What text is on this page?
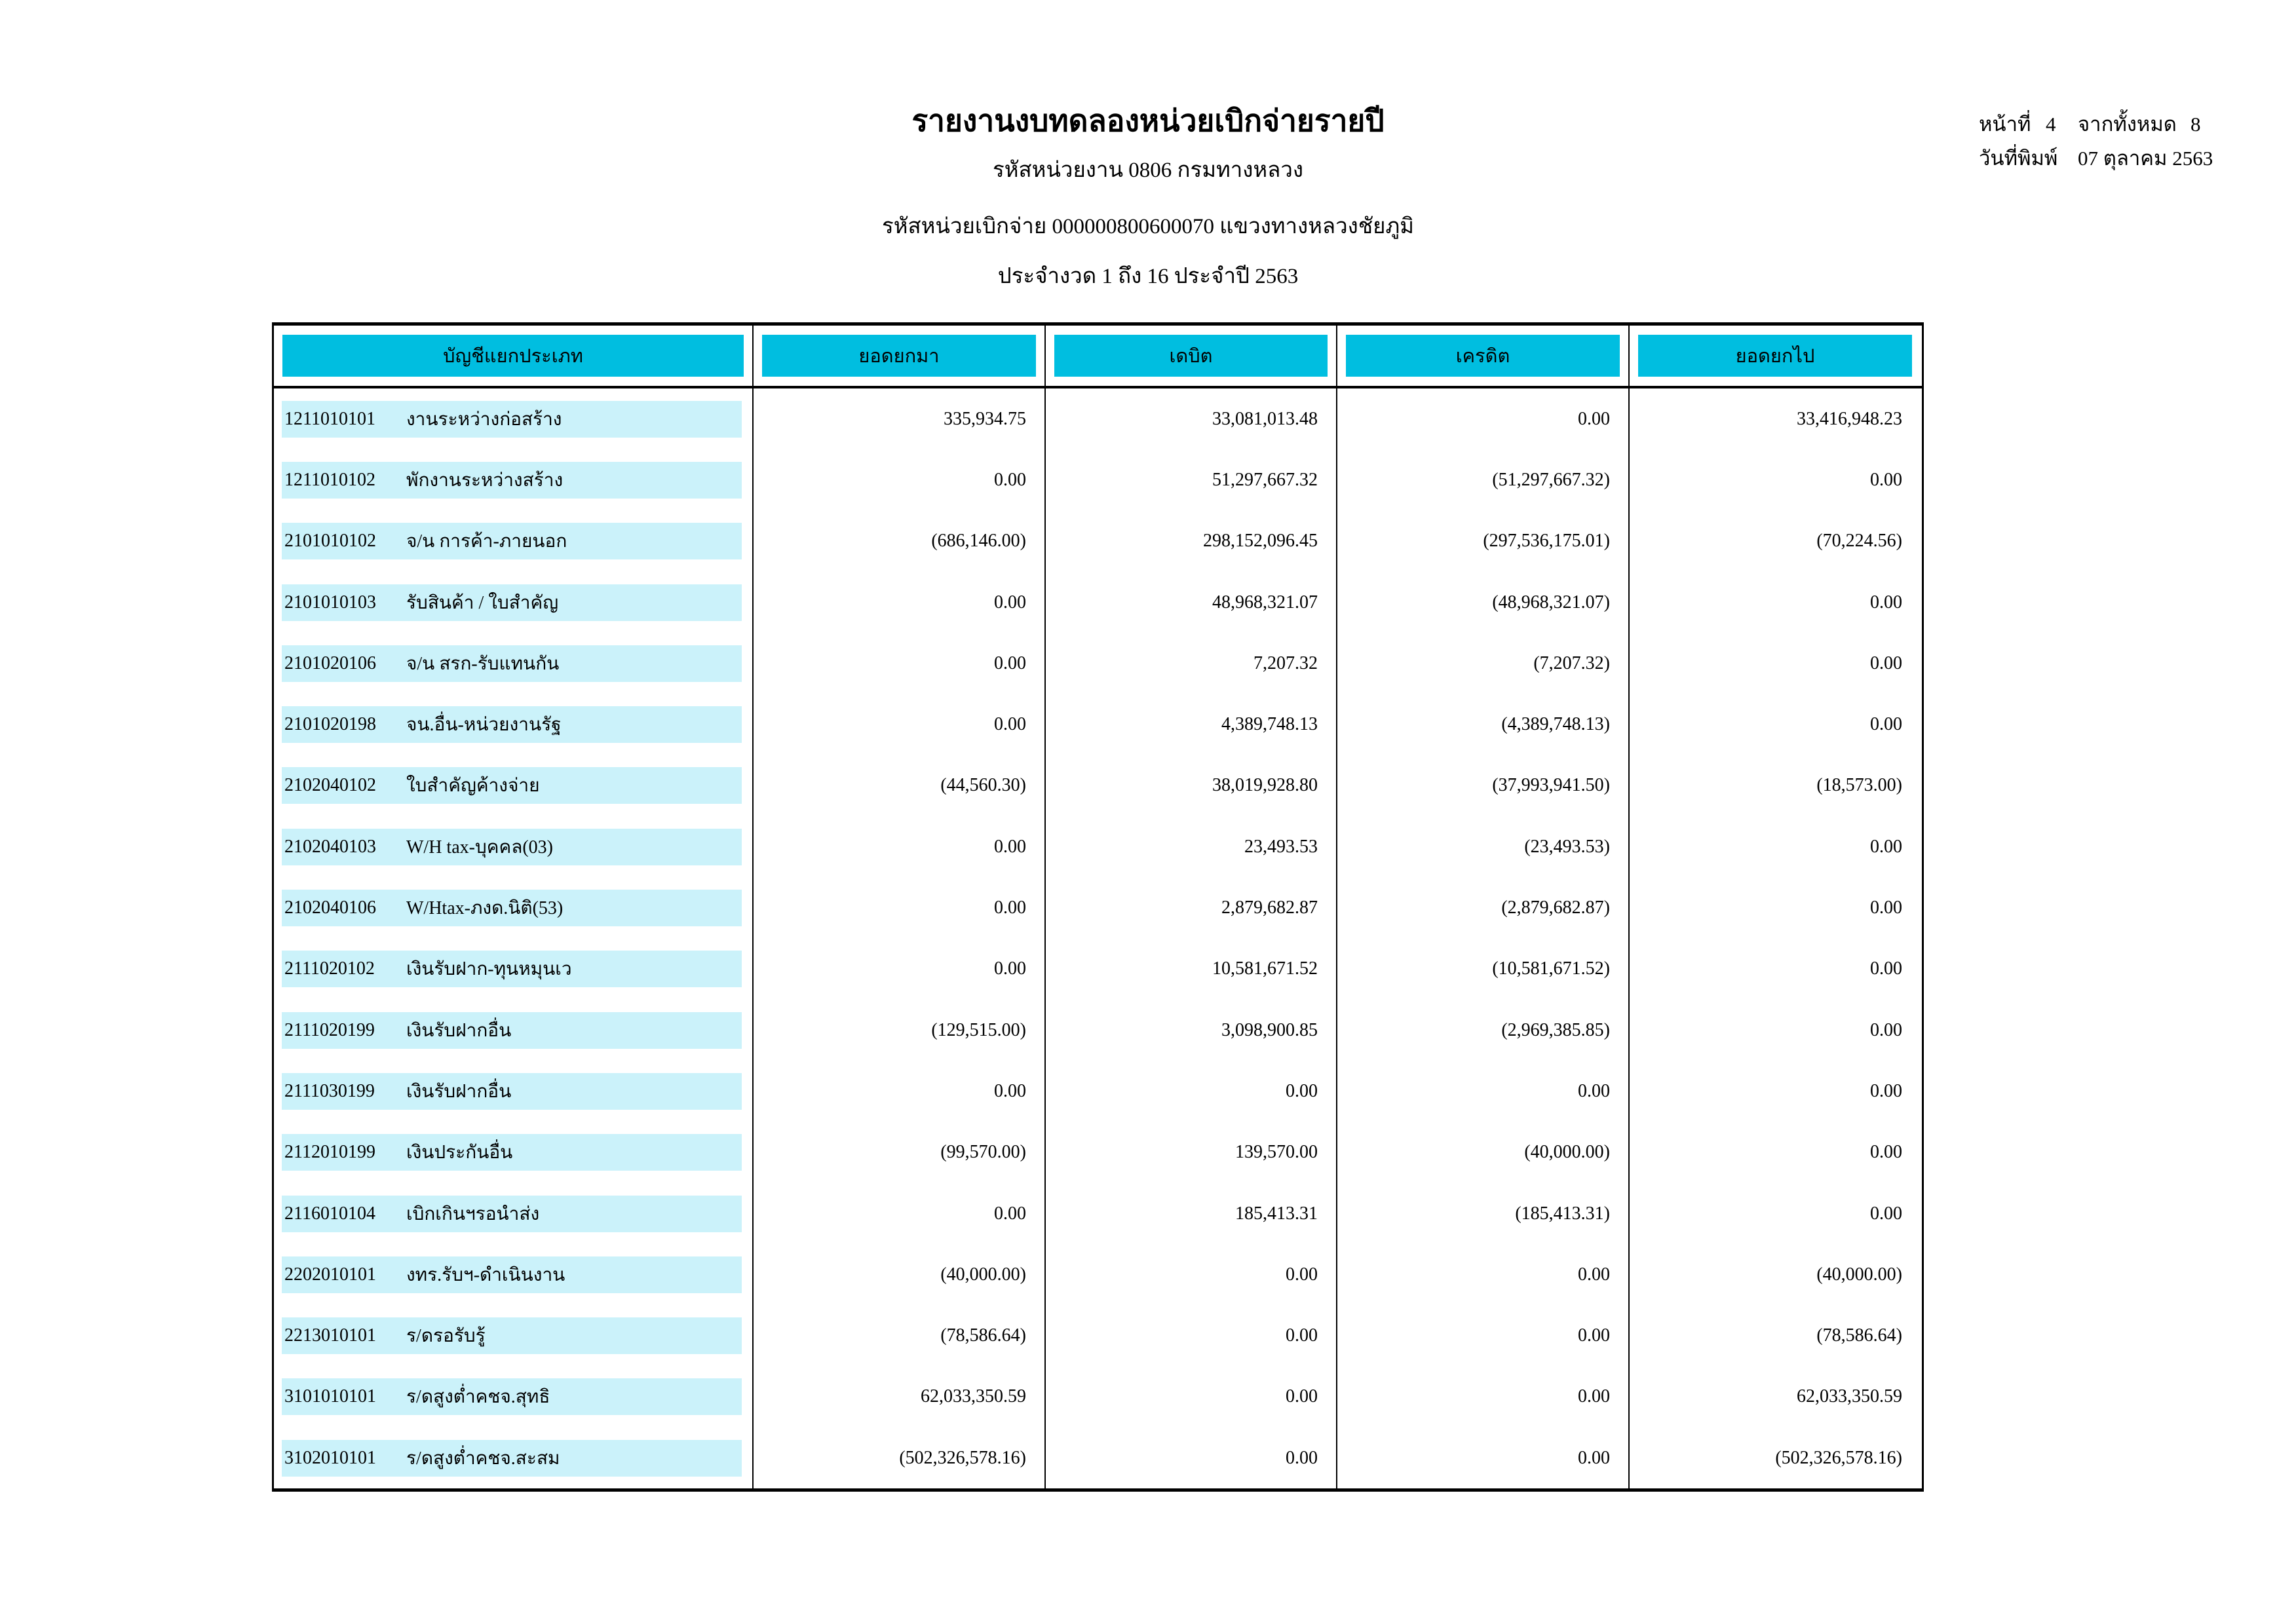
รายงานงบทดลองหน่วยเบิกจ่ายรายปี
รหัสหน่วยงาน 0806 กรมทางหลวง
รหัสหน่วยเบิกจ่าย 000000800600070 แขวงทางหลวงชัยภูมิ
ประจำงวด 1 ถึง 16 ประจำปี 2563
หน้าที่ 4 จากทั้งหมด 8
วันที่พิมพ์ 07 ตุลาคม 2563
บัญชีแยกประเภท	ยอดยกมา	เดบิต	เครดิต	ยอดยกไป
1211010101	งานระหว่างก่อสร้าง	335,934.75	33,081,013.48	0.00	33,416,948.23
1211010102	พักงานระหว่างสร้าง	0.00	51,297,667.32	(51,297,667.32)	0.00
2101010102	จ/น การค้า-ภายนอก	(686,146.00)	298,152,096.45	(297,536,175.01)	(70,224.56)
2101010103	รับสินค้า / ใบสำคัญ	0.00	48,968,321.07	(48,968,321.07)	0.00
2101020106	จ/น สรก-รับแทนกัน	0.00	7,207.32	(7,207.32)	0.00
2101020198	จน.อื่น-หน่วยงานรัฐ	0.00	4,389,748.13	(4,389,748.13)	0.00
2102040102	ใบสำคัญค้างจ่าย	(44,560.30)	38,019,928.80	(37,993,941.50)	(18,573.00)
2102040103	W/H tax-บุคคล(03)	0.00	23,493.53	(23,493.53)	0.00
2102040106	W/Htax-ภงด.นิติ(53)	0.00	2,879,682.87	(2,879,682.87)	0.00
2111020102	เงินรับฝาก-ทุนหมุนเว	0.00	10,581,671.52	(10,581,671.52)	0.00
2111020199	เงินรับฝากอื่น	(129,515.00)	3,098,900.85	(2,969,385.85)	0.00
2111030199	เงินรับฝากอื่น	0.00	0.00	0.00	0.00
2112010199	เงินประกันอื่น	(99,570.00)	139,570.00	(40,000.00)	0.00
2116010104	เบิกเกินฯรอนำส่ง	0.00	185,413.31	(185,413.31)	0.00
2202010101	งทร.รับฯ-ดำเนินงาน	(40,000.00)	0.00	0.00	(40,000.00)
2213010101	ร/ดรอรับรู้	(78,586.64)	0.00	0.00	(78,586.64)
3101010101	ร/ดสูงต่ำคชจ.สุทธิ	62,033,350.59	0.00	0.00	62,033,350.59
3102010101	ร/ดสูงต่ำคชจ.สะสม	(502,326,578.16)	0.00	0.00	(502,326,578.16)
